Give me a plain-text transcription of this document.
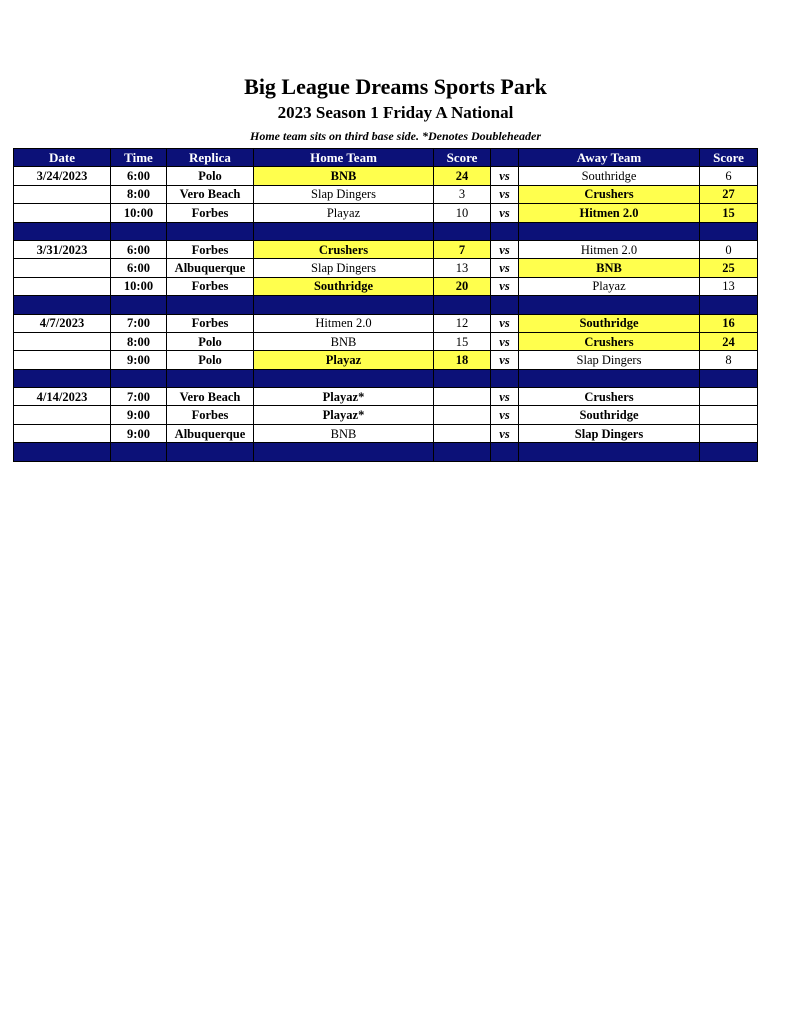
Big League Dreams Sports Park
2023 Season 1 Friday A National
Home team sits on third base side. *Denotes Doubleheader
Date	Time	Replica	Home Team	Score		Away Team	Score
3/24/2023	6:00	Polo	BNB	24	vs	Southridge	6
	8:00	Vero Beach	Slap Dingers	3	vs	Crushers	27
	10:00	Forbes	Playaz	10	vs	Hitmen 2.0	15

3/31/2023	6:00	Forbes	Crushers	7	vs	Hitmen 2.0	0
	6:00	Albuquerque	Slap Dingers	13	vs	BNB	25
	10:00	Forbes	Southridge	20	vs	Playaz	13

4/7/2023	7:00	Forbes	Hitmen 2.0	12	vs	Southridge	16
	8:00	Polo	BNB	15	vs	Crushers	24
	9:00	Polo	Playaz	18	vs	Slap Dingers	8

4/14/2023	7:00	Vero Beach	Playaz*		vs	Crushers	
	9:00	Forbes	Playaz*		vs	Southridge	
	9:00	Albuquerque	BNB		vs	Slap Dingers	
